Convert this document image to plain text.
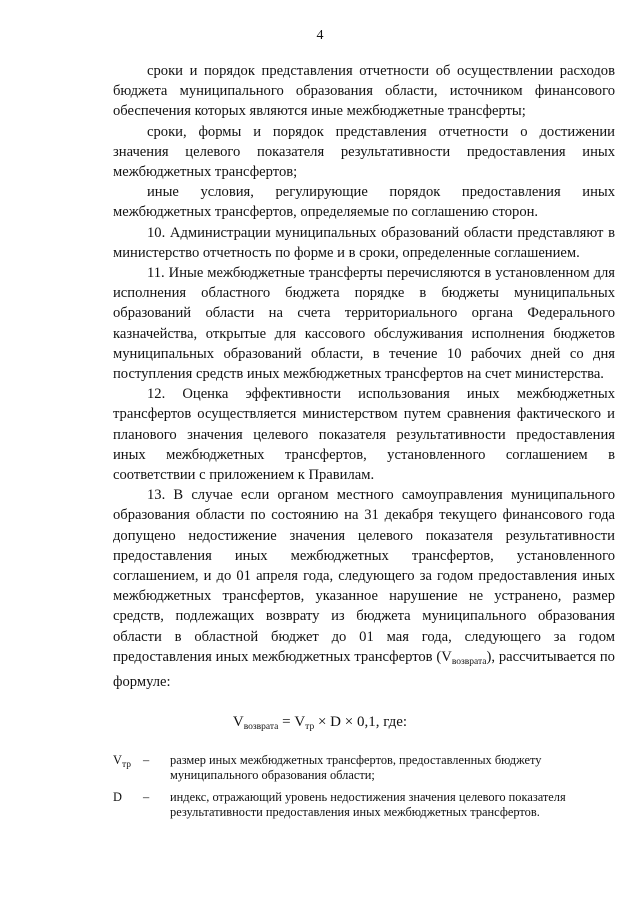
4

сроки и порядок представления отчетности об осуществлении расходов бюджета муниципального образования области, источником финансового обеспечения которых являются иные межбюджетные трансферты;

сроки, формы и порядок представления отчетности о достижении значения целевого показателя результативности предоставления иных межбюджетных трансфертов;

иные условия, регулирующие порядок предоставления иных межбюджетных трансфертов, определяемые по соглашению сторон.

10. Администрации муниципальных образований области представляют в министерство отчетность по форме и в сроки, определенные соглашением.

11. Иные межбюджетные трансферты перечисляются в установленном для исполнения областного бюджета порядке в бюджеты муниципальных образований области на счета территориального органа Федерального казначейства, открытые для кассового обслуживания исполнения бюджетов муниципальных образований области, в течение 10 рабочих дней со дня поступления средств иных межбюджетных трансфертов на счет министерства.

12. Оценка эффективности использования иных межбюджетных трансфертов осуществляется министерством путем сравнения фактического и планового значения целевого показателя результативности предоставления иных межбюджетных трансфертов, установленного соглашением в соответствии с приложением к Правилам.

13. В случае если органом местного самоуправления муниципального образования области по состоянию на 31 декабря текущего финансового года допущено недостижение значения целевого показателя результативности предоставления иных межбюджетных трансфертов, установленного соглашением, и до 01 апреля года, следующего за годом предоставления иных межбюджетных трансфертов, указанное нарушение не устранено, размер средств, подлежащих возврату из бюджета муниципального образования области в областной бюджет до 01 мая года, следующего за годом предоставления иных межбюджетных трансфертов $(V_{возврата})$, рассчитывается по формуле:

$V_{возврата} = V_{тр} \times D \times 0,1$, где:
$V_{тр}$ –	размер иных межбюджетных трансфертов, предоставленных бюджету муниципального образования области;
D	–	индекс, отражающий уровень недостижения значения целевого показателя результативности предоставления иных межбюджетных трансфертов.
